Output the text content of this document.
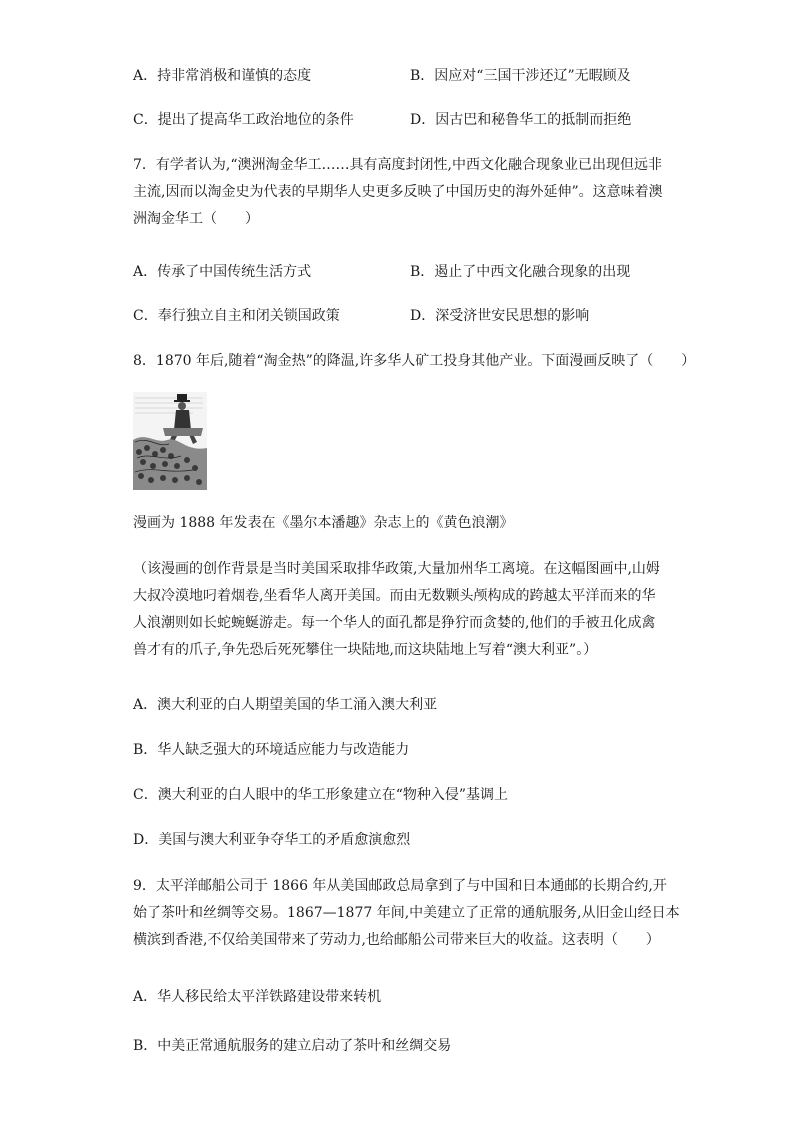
A．持非常消极和谨慎的态度	B．因应对“三国干涉还辽”无暇顾及
C．提出了提高华工政治地位的条件	D．因古巴和秘鲁华工的抵制而拒绝
7．有学者认为,“澳洲淘金华工……具有高度封闭性,中西文化融合现象业已出现但远非
主流,因而以淘金史为代表的早期华人史更多反映了中国历史的海外延伸”。这意味着澳
洲淘金华工（　　）
A．传承了中国传统生活方式	B．遏止了中西文化融合现象的出现
C．奉行独立自主和闭关锁国政策	D．深受济世安民思想的影响
8．1870 年后,随着“淘金热”的降温,许多华人矿工投身其他产业。下面漫画反映了（　　）
漫画为 1888 年发表在《墨尔本潘趣》杂志上的《黄色浪潮》
（该漫画的创作背景是当时美国采取排华政策,大量加州华工离境。在这幅图画中,山姆
大叔冷漠地叼着烟卷,坐看华人离开美国。而由无数颗头颅构成的跨越太平洋而来的华
人浪潮则如长蛇蜿蜒游走。每一个华人的面孔都是狰狞而贪婪的,他们的手被丑化成禽
兽才有的爪子,争先恐后死死攀住一块陆地,而这块陆地上写着“澳大利亚”。）
A．澳大利亚的白人期望美国的华工涌入澳大利亚
B．华人缺乏强大的环境适应能力与改造能力
C．澳大利亚的白人眼中的华工形象建立在“物种入侵”基调上
D．美国与澳大利亚争夺华工的矛盾愈演愈烈
9．太平洋邮船公司于 1866 年从美国邮政总局拿到了与中国和日本通邮的长期合约,开
始了茶叶和丝绸等交易。1867—1877 年间,中美建立了正常的通航服务,从旧金山经日本
横滨到香港,不仅给美国带来了劳动力,也给邮船公司带来巨大的收益。这表明（　　）
A．华人移民给太平洋铁路建设带来转机
B．中美正常通航服务的建立启动了茶叶和丝绸交易
